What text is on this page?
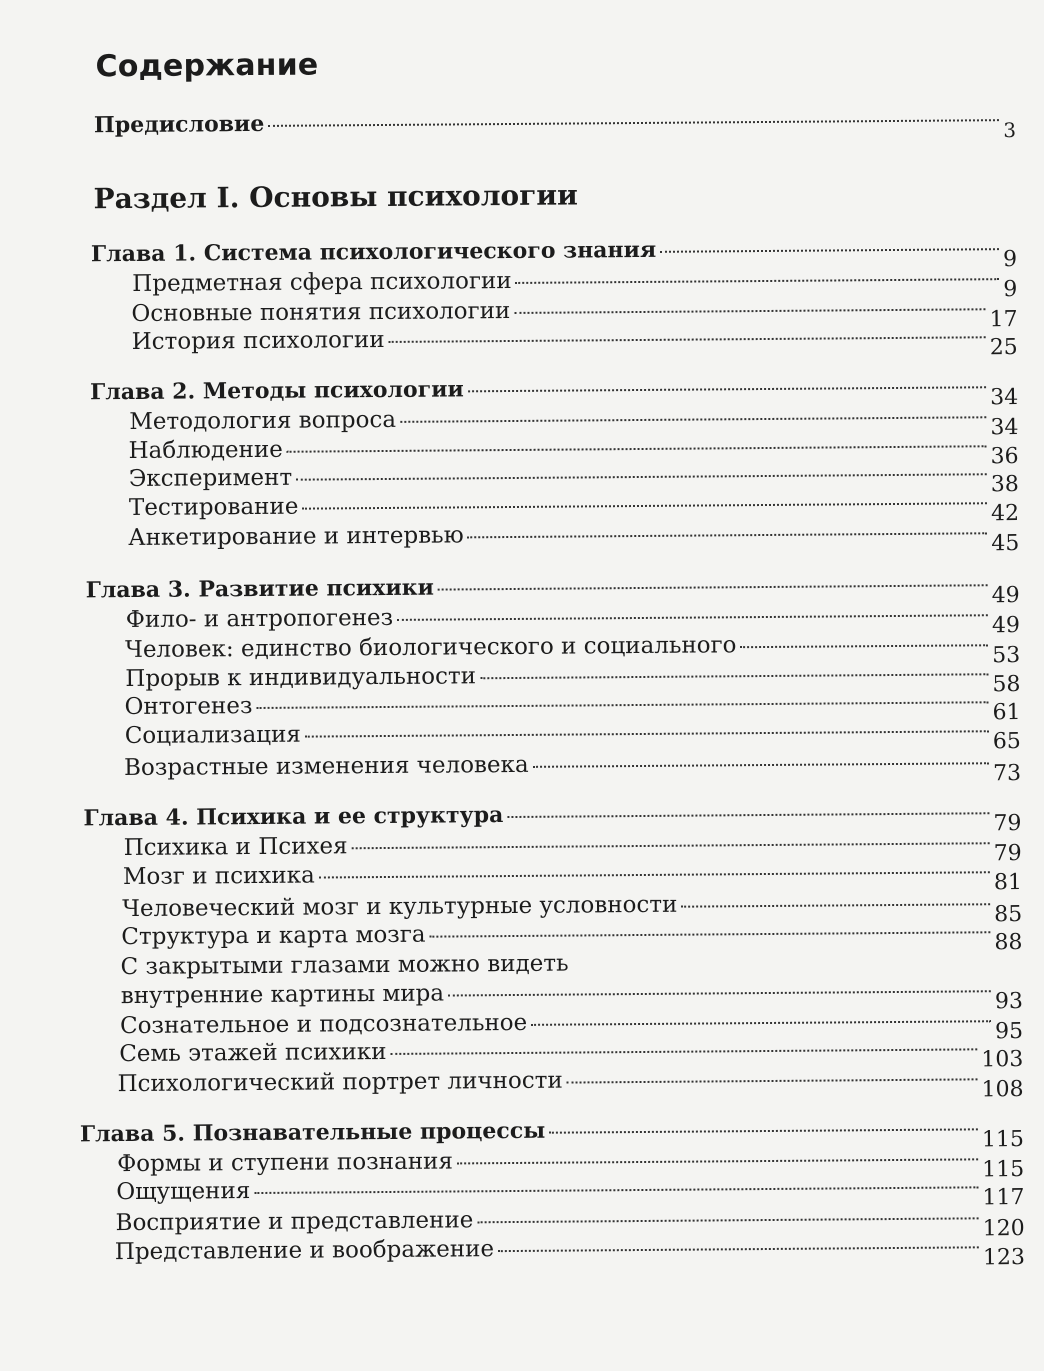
Содержание
Предисловие	3
Раздел I. Основы психологии
Глава 1. Система психологического знания	9
Предметная сфера психологии	9
Основные понятия психологии	17
История психологии	25
Глава 2. Методы психологии	34
Методология вопроса	34
Наблюдение	36
Эксперимент	38
Тестирование	42
Анкетирование и интервью	45
Глава 3. Развитие психики	49
Фило- и антропогенез	49
Человек: единство биологического и социального	53
Прорыв к индивидуальности	58
Онтогенез	61
Социализация	65
Возрастные изменения человека	73
Глава 4. Психика и ее структура	79
Психика и Психея	79
Мозг и психика	81
Человеческий мозг и культурные условности	85
Структура и карта мозга	88
С закрытыми глазами можно видеть
внутренние картины мира	93
Сознательное и подсознательное	95
Семь этажей психики	103
Психологический портрет личности	108
Глава 5. Познавательные процессы	115
Формы и ступени познания	115
Ощущения	117
Восприятие и представление	120
Представление и воображение	123
